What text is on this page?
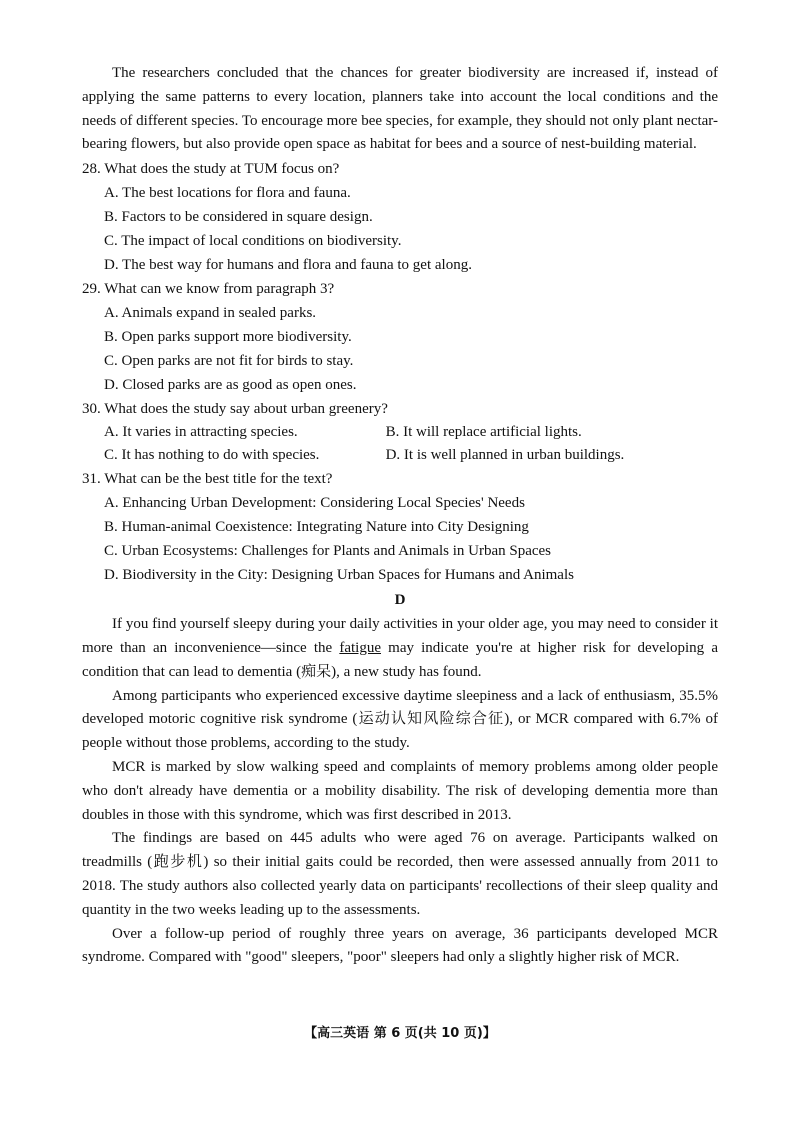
The researchers concluded that the chances for greater biodiversity are increased if, instead of applying the same patterns to every location, planners take into account the local conditions and the needs of different species. To encourage more bee species, for example, they should not only plant nectar-bearing flowers, but also provide open space as habitat for bees and a source of nest-building material.

28. What does the study at TUM focus on?

A. The best locations for flora and fauna.

B. Factors to be considered in square design.

C. The impact of local conditions on biodiversity.

D. The best way for humans and flora and fauna to get along.

29. What can we know from paragraph 3?

A. Animals expand in sealed parks.

B. Open parks support more biodiversity.

C. Open parks are not fit for birds to stay.

D. Closed parks are as good as open ones.

30. What does the study say about urban greenery?

A. It varies in attracting species.	B. It will replace artificial lights.
C. It has nothing to do with species.	D. It is well planned in urban buildings.

31. What can be the best title for the text?

A. Enhancing Urban Development: Considering Local Species' Needs

B. Human-animal Coexistence: Integrating Nature into City Designing

C. Urban Ecosystems: Challenges for Plants and Animals in Urban Spaces

D. Biodiversity in the City: Designing Urban Spaces for Humans and Animals

D

If you find yourself sleepy during your daily activities in your older age, you may need to consider it more than an inconvenience—since the fatigue may indicate you're at higher risk for developing a condition that can lead to dementia (痴呆), a new study has found.

Among participants who experienced excessive daytime sleepiness and a lack of enthusiasm, 35.5% developed motoric cognitive risk syndrome (运动认知风险综合征), or MCR compared with 6.7% of people without those problems, according to the study.

MCR is marked by slow walking speed and complaints of memory problems among older people who don't already have dementia or a mobility disability. The risk of developing dementia more than doubles in those with this syndrome, which was first described in 2013.

The findings are based on 445 adults who were aged 76 on average. Participants walked on treadmills (跑步机) so their initial gaits could be recorded, then were assessed annually from 2011 to 2018. The study authors also collected yearly data on participants' recollections of their sleep quality and quantity in the two weeks leading up to the assessments.

Over a follow-up period of roughly three years on average, 36 participants developed MCR syndrome. Compared with "good" sleepers, "poor" sleepers had only a slightly higher risk of MCR.

【高三英语 第 6 页(共 10 页)】
